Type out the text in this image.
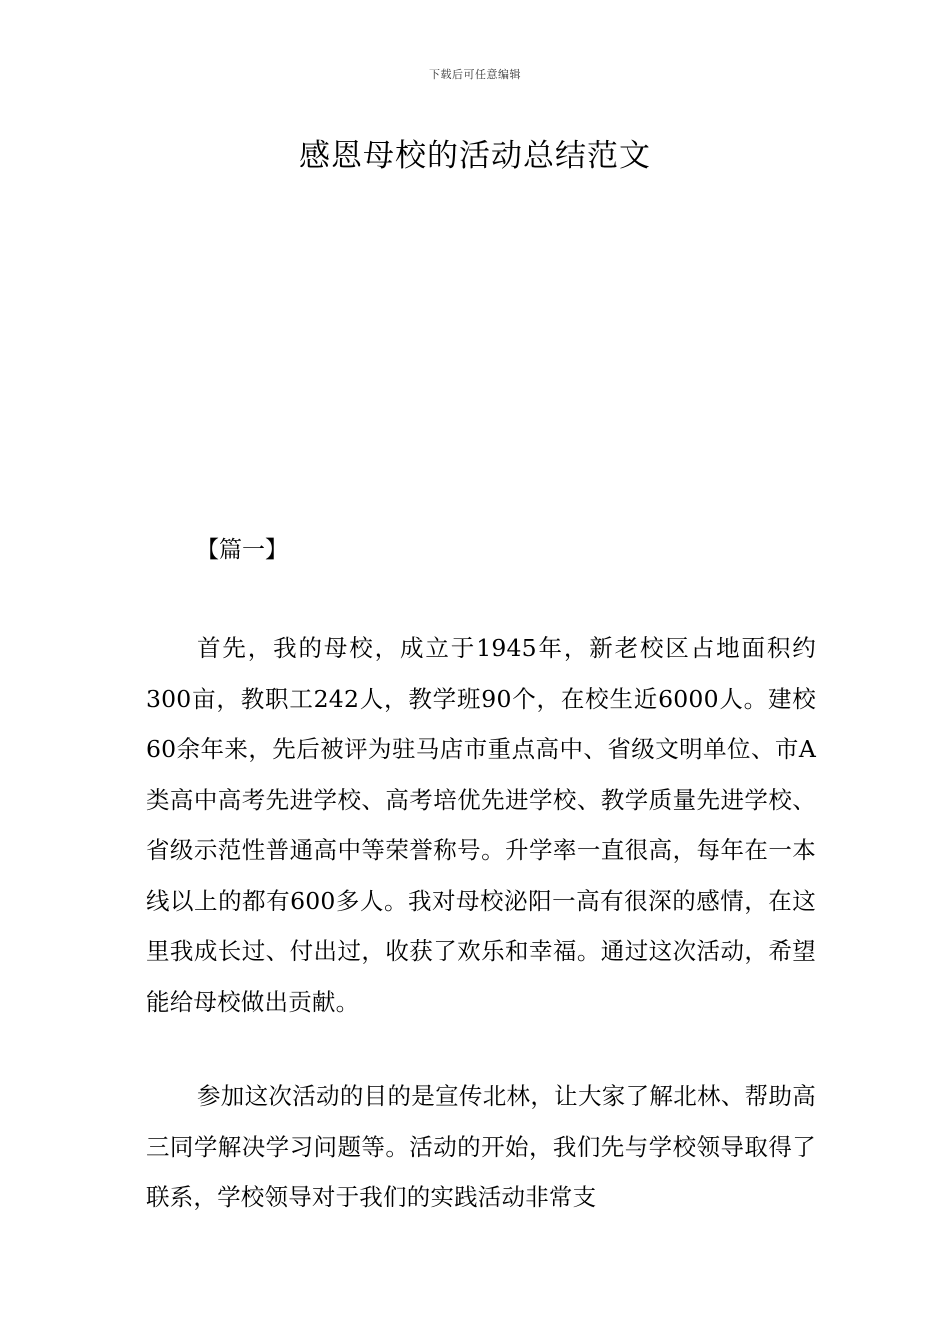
下载后可任意编辑
感恩母校的活动总结范文
【篇一】

首先，我的母校，成立于1945年，新老校区占地面积约300亩，教职工242人，教学班90个，在校生近6000人。建校60余年来，先后被评为驻马店市重点高中、省级文明单位、市A类高中高考先进学校、高考培优先进学校、教学质量先进学校、省级示范性普通高中等荣誉称号。升学率一直很高，每年在一本线以上的都有600多人。我对母校泌阳一高有很深的感情，在这里我成长过、付出过，收获了欢乐和幸福。通过这次活动，希望能给母校做出贡献。

参加这次活动的目的是宣传北林，让大家了解北林、帮助高三同学解决学习问题等。活动的开始，我们先与学校领导取得了联系，学校领导对于我们的实践活动非常支
